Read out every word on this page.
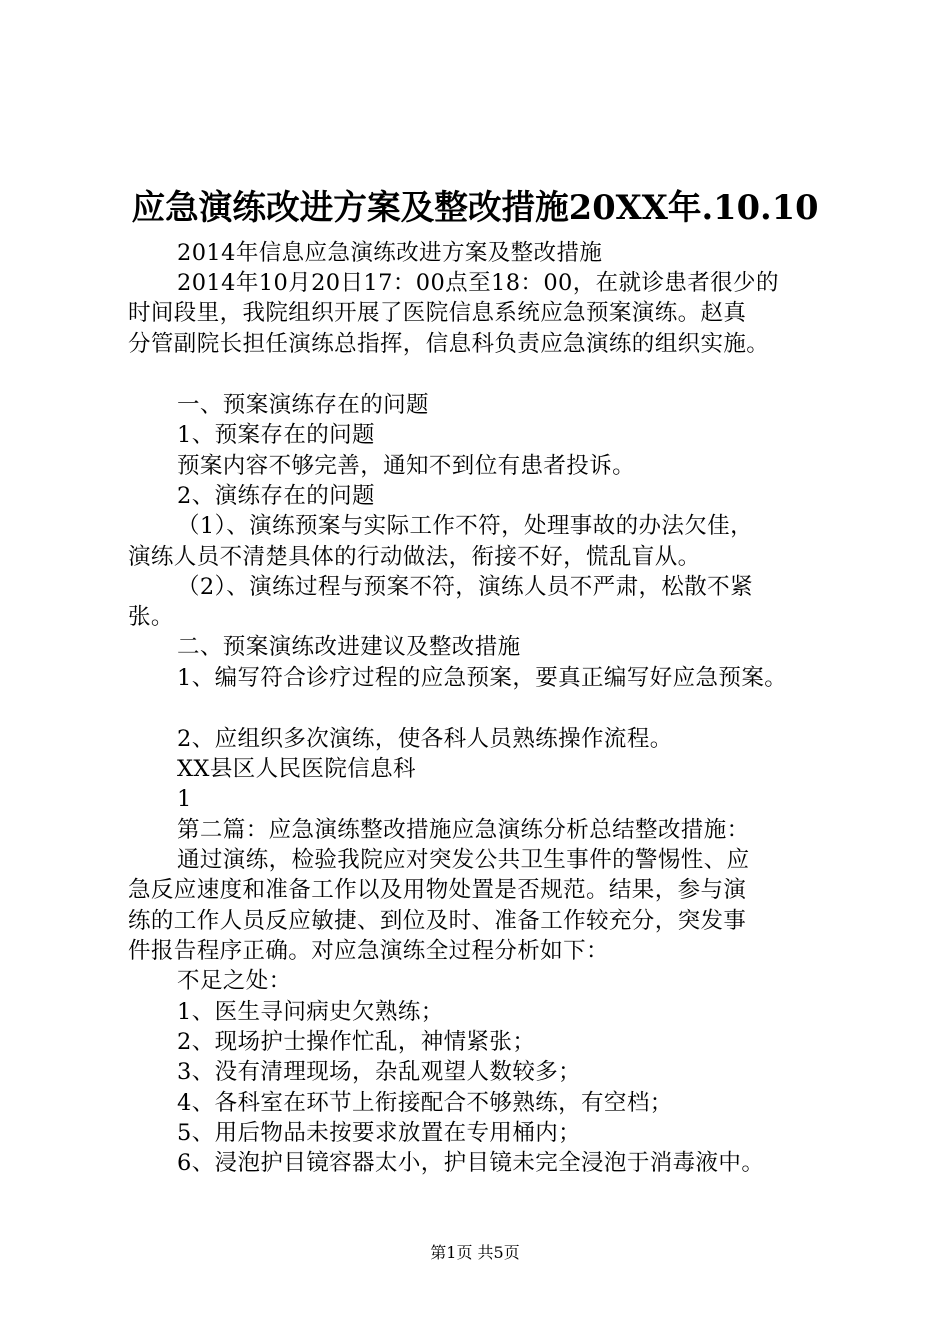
应急演练改进方案及整改措施20XX年.10.10
2014年信息应急演练改进方案及整改措施
2014年10月20日17：00点至18：00，在就诊患者很少的
时间段里，我院组织开展了医院信息系统应急预案演练。赵真
分管副院长担任演练总指挥，信息科负责应急演练的组织实施。
一、预案演练存在的问题
1、预案存在的问题
预案内容不够完善，通知不到位有患者投诉。
2、演练存在的问题
（1）、演练预案与实际工作不符，处理事故的办法欠佳，
演练人员不清楚具体的行动做法，衔接不好，慌乱盲从。
（2）、演练过程与预案不符，演练人员不严肃，松散不紧
张。
二、预案演练改进建议及整改措施
1、编写符合诊疗过程的应急预案，要真正编写好应急预案。
2、应组织多次演练，使各科人员熟练操作流程。
XX县区人民医院信息科
1
第二篇：应急演练整改措施应急演练分析总结整改措施：
通过演练，检验我院应对突发公共卫生事件的警惕性、应
急反应速度和准备工作以及用物处置是否规范。结果，参与演
练的工作人员反应敏捷、到位及时、准备工作较充分，突发事
件报告程序正确。对应急演练全过程分析如下：
不足之处：
1、医生寻问病史欠熟练；
2、现场护士操作忙乱，神情紧张；
3、没有清理现场，杂乱观望人数较多；
4、各科室在环节上衔接配合不够熟练，有空档；
5、用后物品未按要求放置在专用桶内；
6、浸泡护目镜容器太小，护目镜未完全浸泡于消毒液中。
第1页 共5页
